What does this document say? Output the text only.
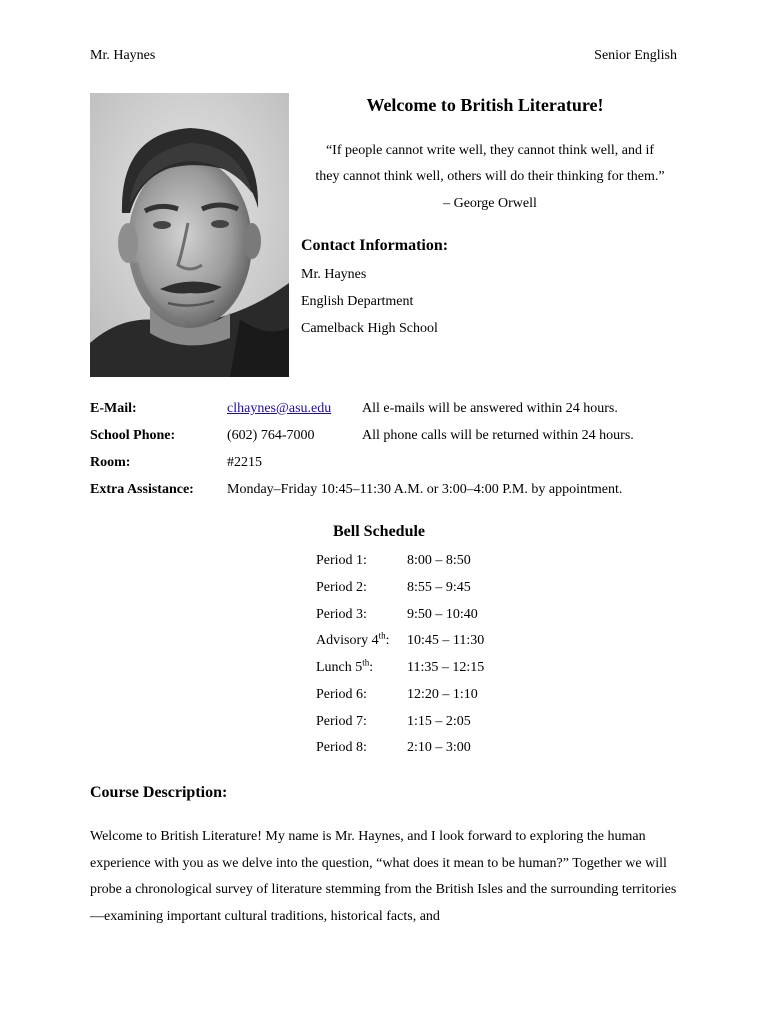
Mr. Haynes	Senior English
Welcome to British Literature!
“If people cannot write well, they cannot think well, and if
they cannot think well, others will do their thinking for them.”
– George Orwell
Contact Information:
Mr. Haynes
English Department
Camelback High School
E-Mail:	clhaynes@asu.edu All e-mails will be answered within 24 hours.
School Phone:	(602) 764-7000	All phone calls will be returned within 24 hours.
Room:	#2215
Extra Assistance: Monday–Friday 10:45–11:30 A.M. or 3:00–4:00 P.M. by appointment.
Bell Schedule
Period 1:	8:00 – 8:50
Period 2:	8:55 – 9:45
Period 3:	9:50 – 10:40
Advisory 4th: 10:45 – 11:30
Lunch 5th: 11:35 – 12:15
Period 6:	12:20 – 1:10
Period 7:	1:15 – 2:05
Period 8:	2:10 – 3:00
Course Description:
Welcome to British Literature! My name is Mr. Haynes, and I look forward to exploring the human experience with you as we delve into the question, “what does it mean to be human?” Together we will probe a chronological survey of literature stemming from the British Isles and the surrounding territories—examining important cultural traditions, historical facts, and
